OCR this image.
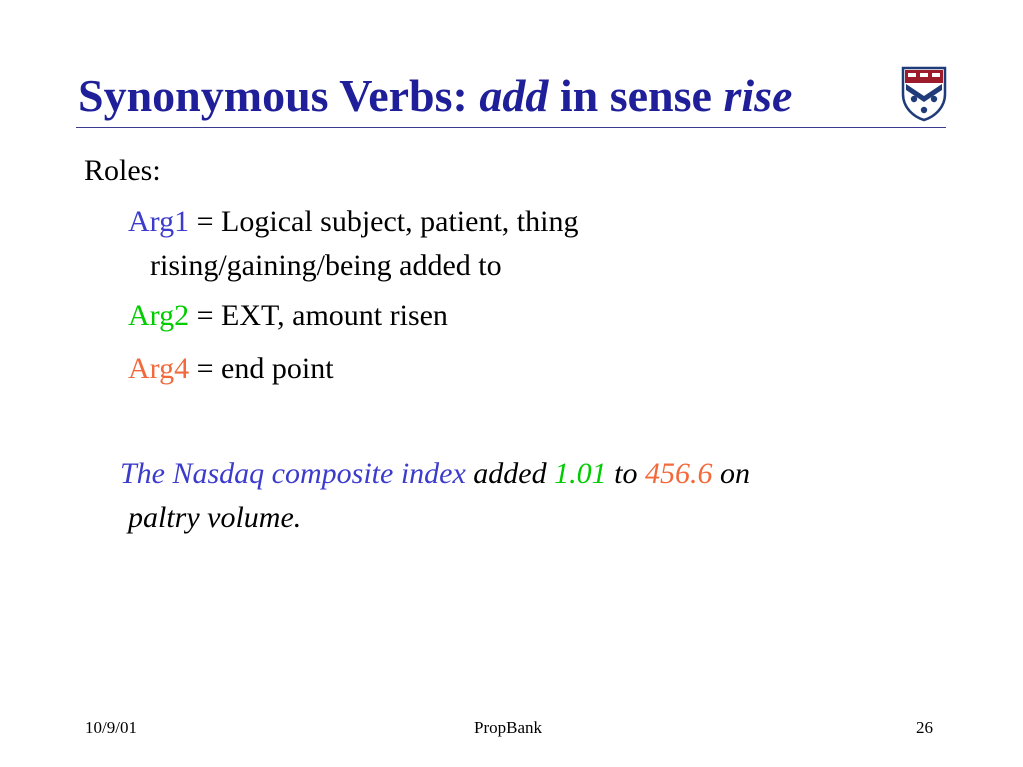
Synonymous Verbs: add in sense rise
Roles:
Arg1 = Logical subject, patient, thing
rising/gaining/being added to
Arg2 = EXT, amount risen
Arg4 = end point
The Nasdaq composite index added 1.01 to 456.6 on
paltry volume.
10/9/01	PropBank	26
